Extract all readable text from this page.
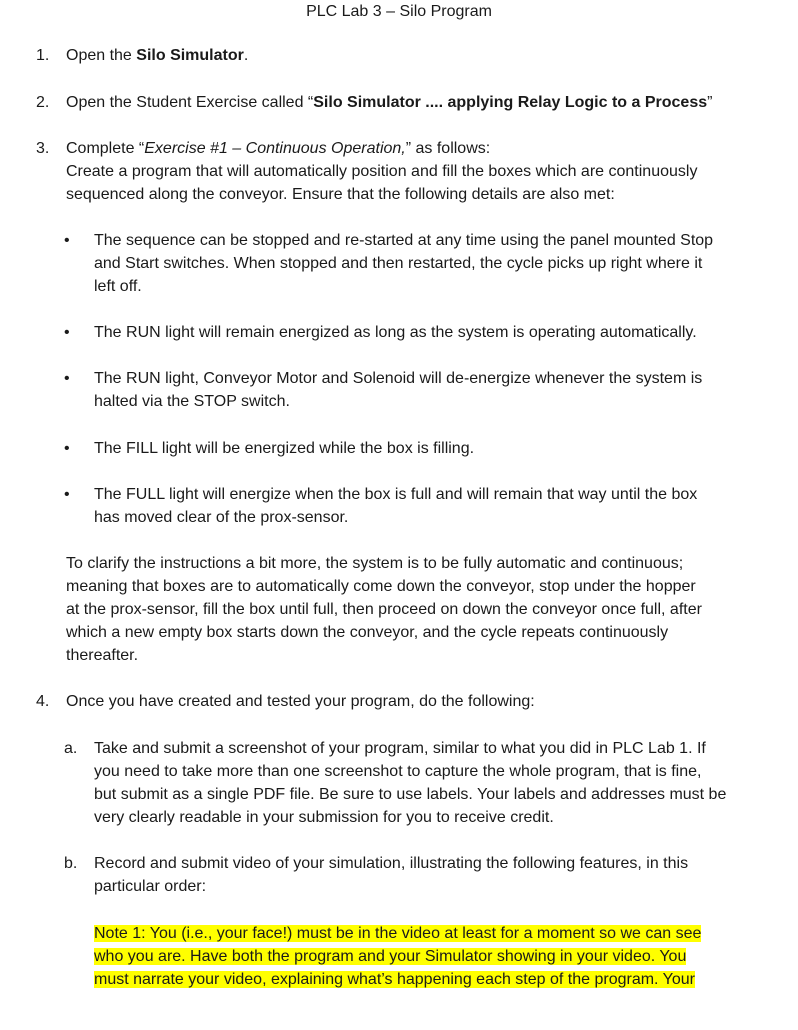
PLC Lab 3 – Silo Program
1. Open the Silo Simulator.
2. Open the Student Exercise called “Silo Simulator .... applying Relay Logic to a Process”
3. Complete “Exercise #1 – Continuous Operation,” as follows:
Create a program that will automatically position and fill the boxes which are continuously
sequenced along the conveyor. Ensure that the following details are also met:
• The sequence can be stopped and re-started at any time using the panel mounted Stop
and Start switches. When stopped and then restarted, the cycle picks up right where it
left off.
• The RUN light will remain energized as long as the system is operating automatically.
• The RUN light, Conveyor Motor and Solenoid will de-energize whenever the system is
halted via the STOP switch.
• The FILL light will be energized while the box is filling.
• The FULL light will energize when the box is full and will remain that way until the box
has moved clear of the prox-sensor.
To clarify the instructions a bit more, the system is to be fully automatic and continuous;
meaning that boxes are to automatically come down the conveyor, stop under the hopper
at the prox-sensor, fill the box until full, then proceed on down the conveyor once full, after
which a new empty box starts down the conveyor, and the cycle repeats continuously
thereafter.
4. Once you have created and tested your program, do the following:
a. Take and submit a screenshot of your program, similar to what you did in PLC Lab 1. If
you need to take more than one screenshot to capture the whole program, that is fine,
but submit as a single PDF file. Be sure to use labels. Your labels and addresses must be
very clearly readable in your submission for you to receive credit.
b. Record and submit video of your simulation, illustrating the following features, in this
particular order:
Note 1: You (i.e., your face!) must be in the video at least for a moment so we can see
who you are. Have both the program and your Simulator showing in your video. You
must narrate your video, explaining what’s happening each step of the program. Your
